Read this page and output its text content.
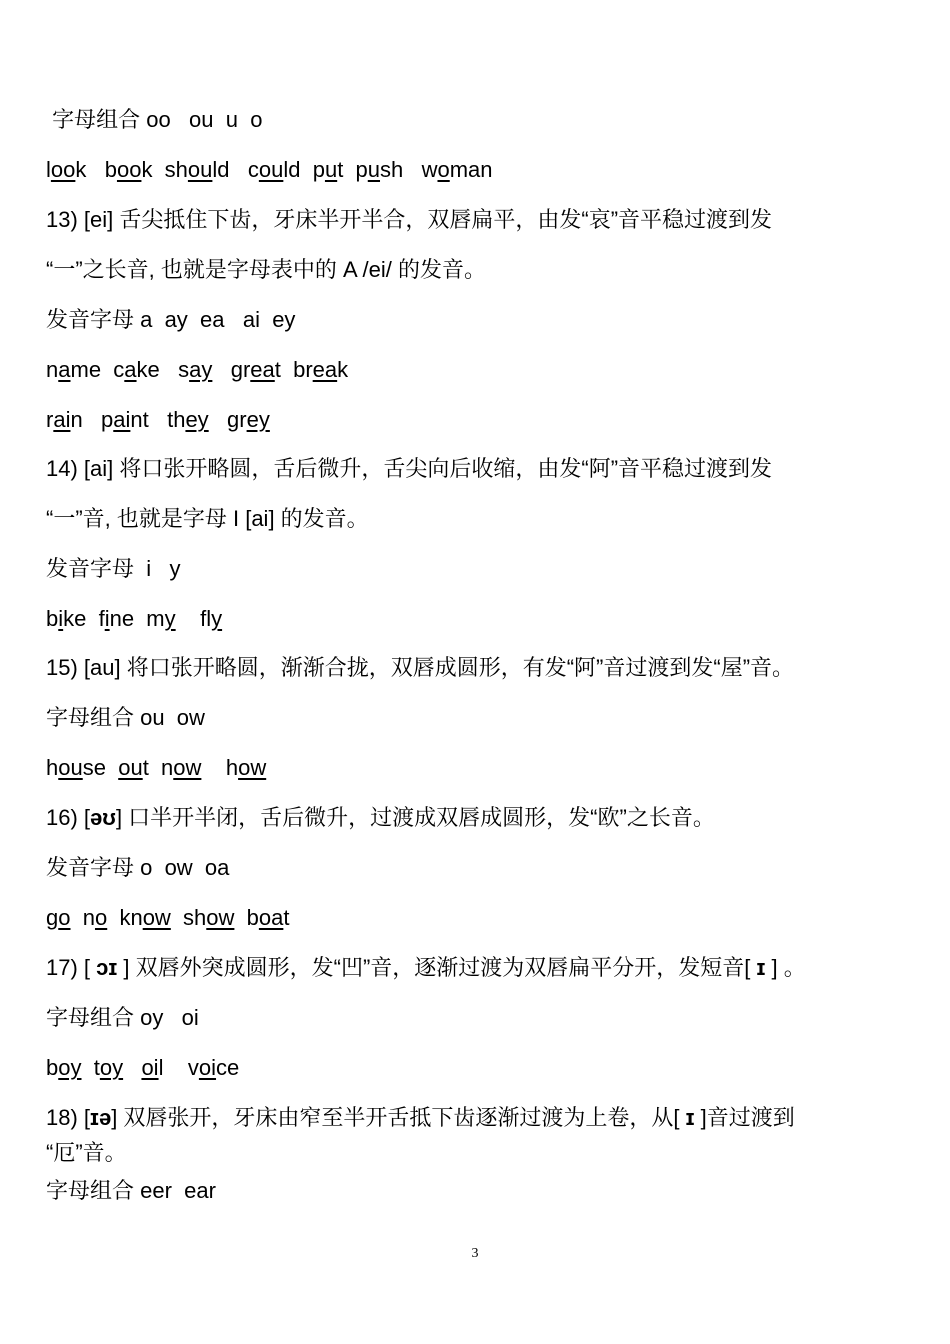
字母组合 oo   ou  u  o
look   book  should   could  put  push   woman
13) [ei] 舌尖抵住下齿，牙床半开半合，双唇扁平，由发“哀”音平稳过渡到发
“一”之长音, 也就是字母表中的 A /ei/ 的发音。
发音字母 a  ay  ea   ai  ey
name  cake   say   great  break
rain   paint   they   grey
14) [ai] 将口张开略圆，舌后微升，舌尖向后收缩，由发“阿”音平稳过渡到发
“一”音, 也就是字母 I [ai] 的发音。
发音字母  i   y
bike  fine  my    fly
15) [au] 将口张开略圆，渐渐合拢，双唇成圆形，有发“阿”音过渡到发“屋”音。
字母组合 ou  ow
house  out  now    how
16) [əʊ] 口半开半闭，舌后微升，过渡成双唇成圆形，发“欧”之长音。
发音字母 o  ow  oa
go  no  know  show  boat
17) [ ɔɪ ] 双唇外突成圆形，发“凹”音，逐渐过渡为双唇扁平分开，发短音[ ɪ ] 。
字母组合 oy   oi
boy  toy oil    voice
18) [ɪə] 双唇张开，牙床由窄至半开舌抵下齿逐渐过渡为上卷，从[ ɪ ]音过渡到
“厄”音。
字母组合 eer  ear
3
